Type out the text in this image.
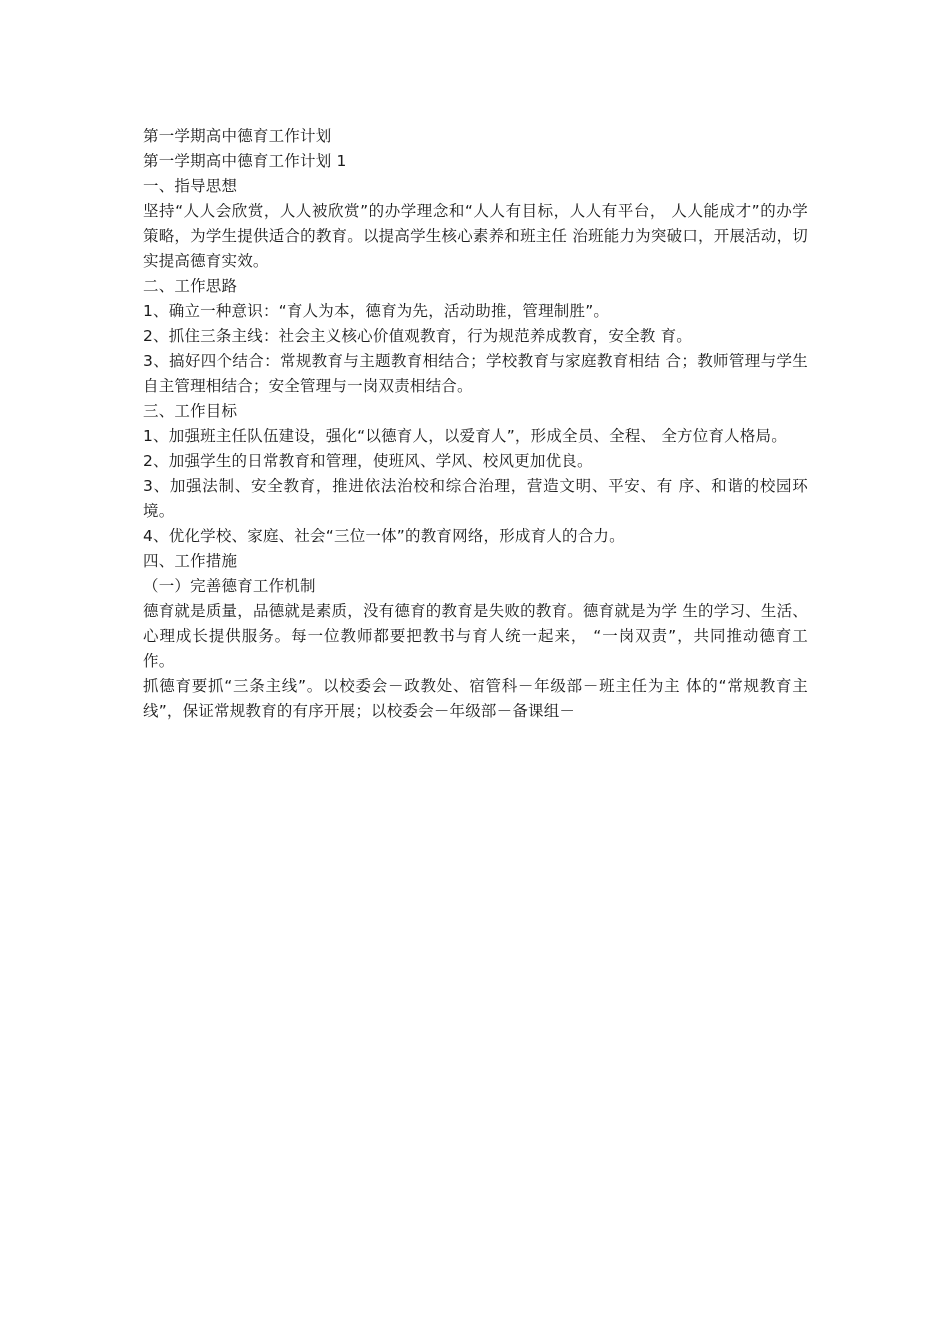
第一学期高中德育工作计划

第一学期高中德育工作计划 1

一、指导思想

坚持“人人会欣赏，人人被欣赏”的办学理念和“人人有目标，人人有平台， 人人能成才”的办学策略，为学生提供适合的教育。以提高学生核心素养和班主任 治班能力为突破口，开展活动，切实提高德育实效。

二、工作思路

1、确立一种意识：“育人为本，德育为先，活动助推，管理制胜”。

2、抓住三条主线：社会主义核心价值观教育，行为规范养成教育，安全教 育。

3、搞好四个结合：常规教育与主题教育相结合；学校教育与家庭教育相结 合；教师管理与学生自主管理相结合；安全管理与一岗双责相结合。

三、工作目标

1、加强班主任队伍建设，强化“以德育人，以爱育人”，形成全员、全程、 全方位育人格局。

2、加强学生的日常教育和管理，使班风、学风、校风更加优良。

3、加强法制、安全教育，推进依法治校和综合治理，营造文明、平安、有 序、和谐的校园环境。

4、优化学校、家庭、社会“三位一体”的教育网络，形成育人的合力。

四、工作措施

（一）完善德育工作机制

德育就是质量，品德就是素质，没有德育的教育是失败的教育。德育就是为学 生的学习、生活、心理成长提供服务。每一位教师都要把教书与育人统一起来， “一岗双责”，共同推动德育工作。

抓德育要抓“三条主线”。以校委会－政教处、宿管科－年级部－班主任为主 体的“常规教育主线”，保证常规教育的有序开展；以校委会－年级部－备课组－
